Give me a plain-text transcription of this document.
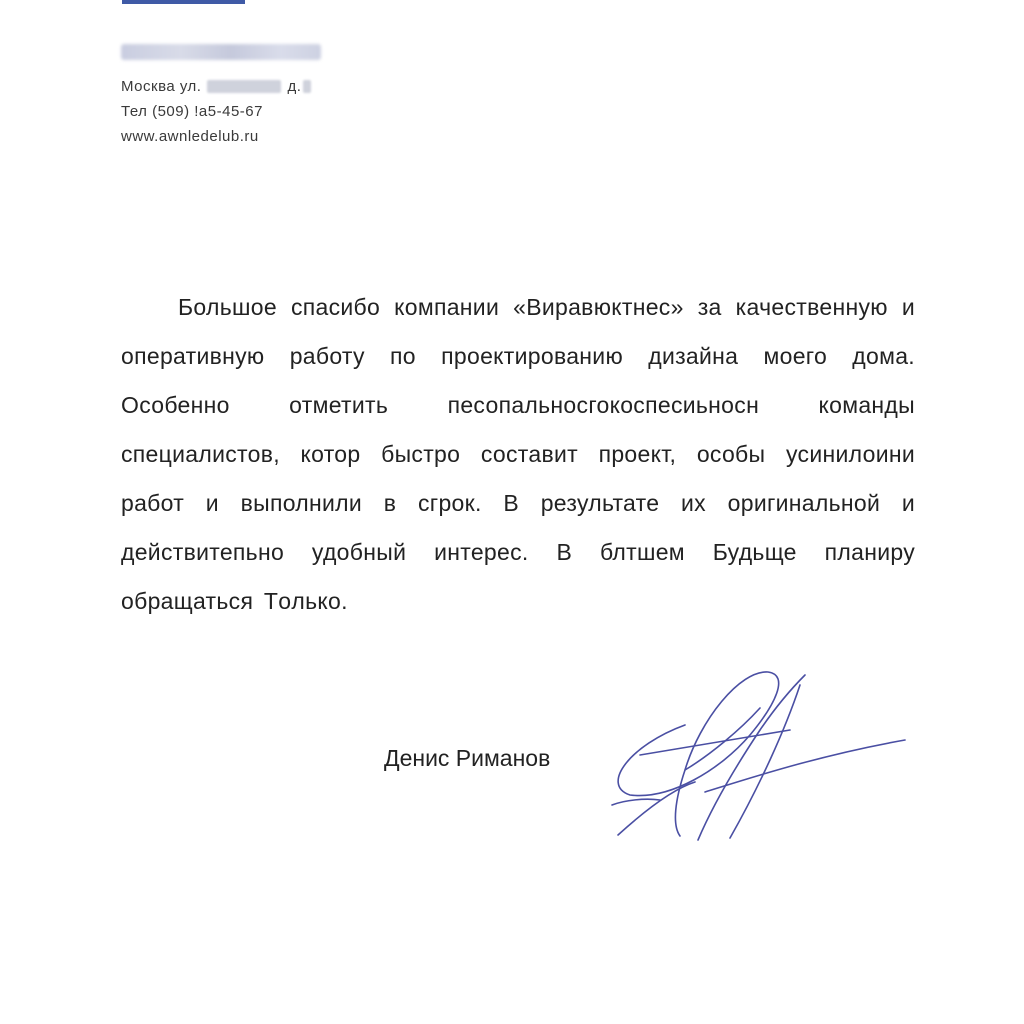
Москва ул.	д.
Тел (509) !а5-45-67
www.awnledelub.ru

Большое спасибо компании «Виравюктнес» за качественную и оперативную работу по проектированию дизайна моего дома. Особенно отметить песопальносгокоспесиьносн команды специалистов, котор быстро составит проект, особы усинилоини работ и выполнили в сгрок. В результате их оригинальной и действитепьно удобный интерес. В блтшем Будьще планиру обращаться Тoлько.

Денис Риманов
